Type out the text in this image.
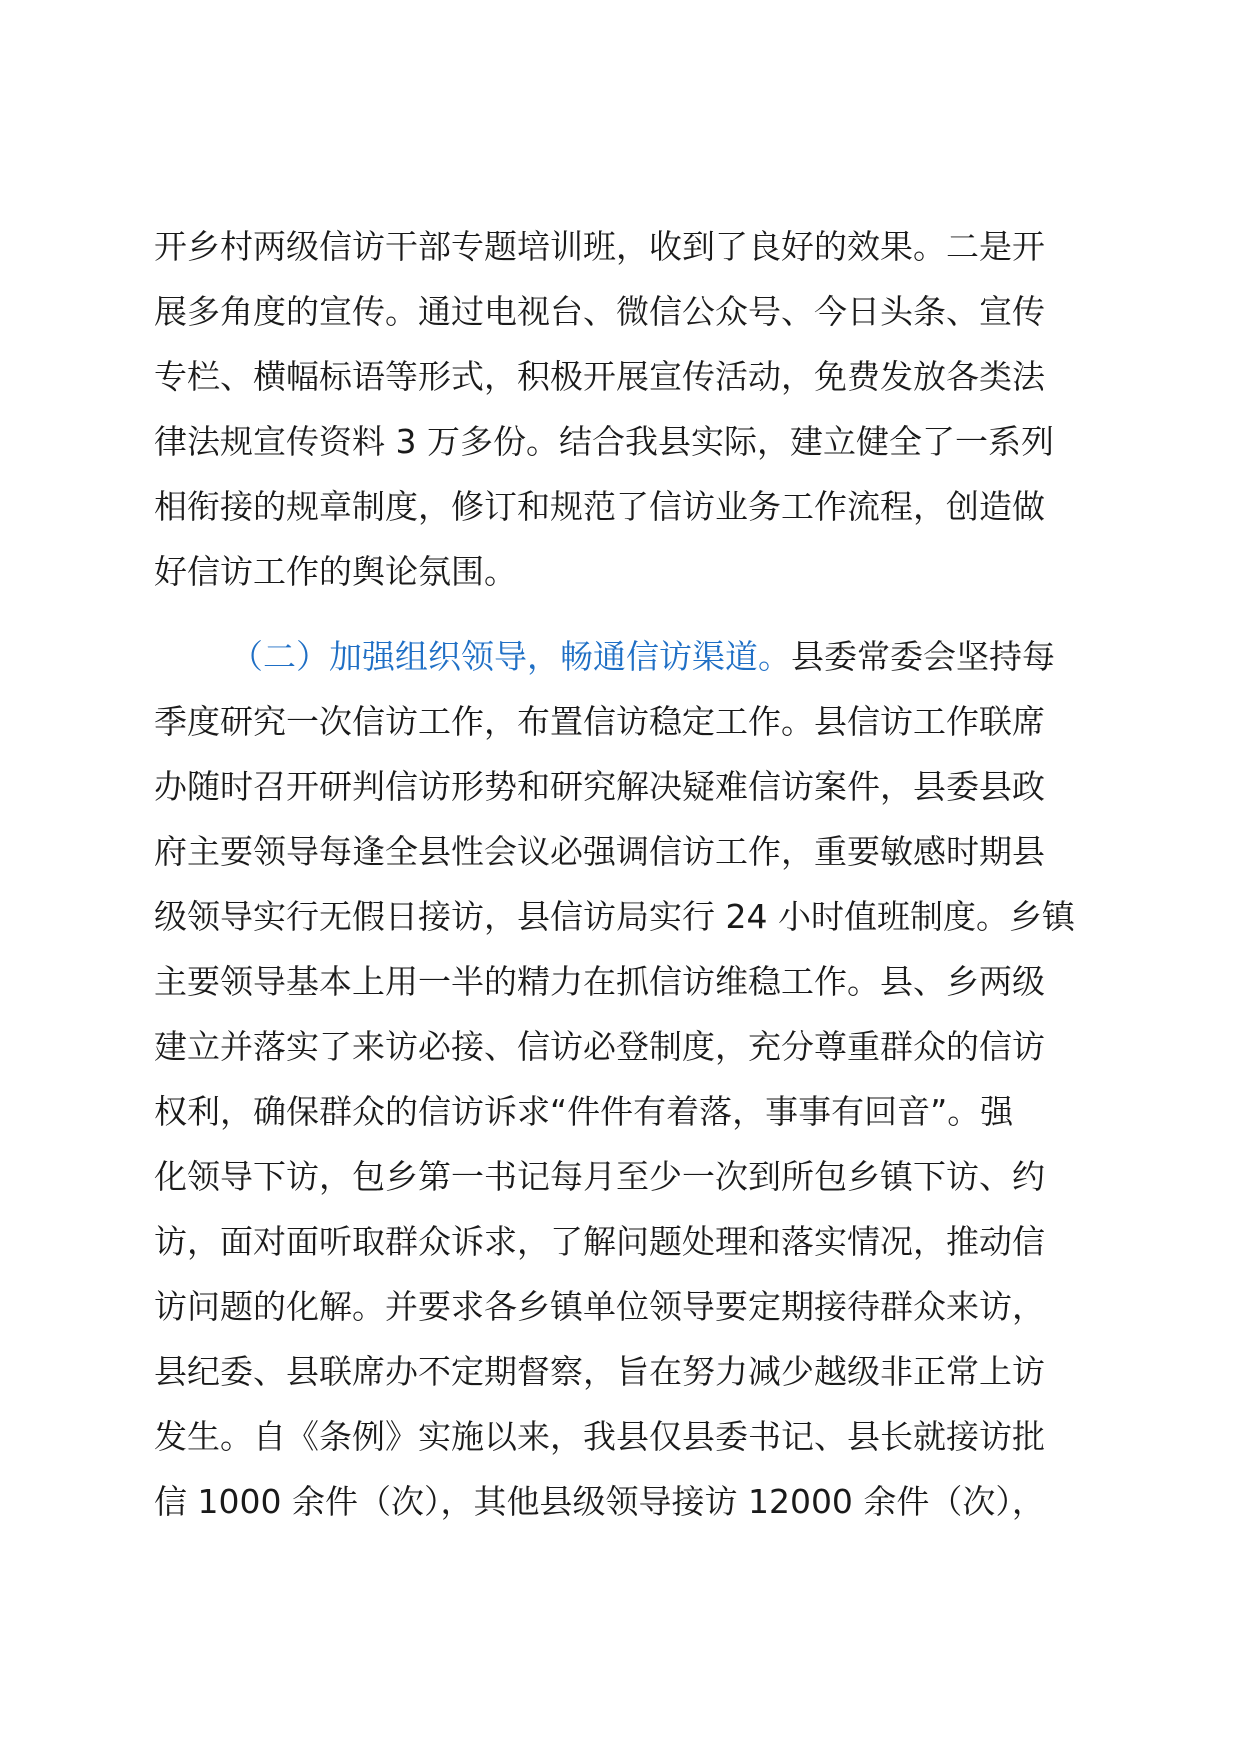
开乡村两级信访干部专题培训班，收到了良好的效果。二是开
展多角度的宣传。通过电视台、微信公众号、今日头条、宣传
专栏、横幅标语等形式，积极开展宣传活动，免费发放各类法
律法规宣传资料 3 万多份。结合我县实际，建立健全了一系列
相衔接的规章制度，修订和规范了信访业务工作流程，创造做
好信访工作的舆论氛围。
（二）加强组织领导，畅通信访渠道。县委常委会坚持每
季度研究一次信访工作，布置信访稳定工作。县信访工作联席
办随时召开研判信访形势和研究解决疑难信访案件，县委县政
府主要领导每逢全县性会议必强调信访工作，重要敏感时期县
级领导实行无假日接访，县信访局实行 24 小时值班制度。乡镇
主要领导基本上用一半的精力在抓信访维稳工作。县、乡两级
建立并落实了来访必接、信访必登制度，充分尊重群众的信访
权利，确保群众的信访诉求“件件有着落，事事有回音”。强
化领导下访，包乡第一书记每月至少一次到所包乡镇下访、约
访，面对面听取群众诉求，了解问题处理和落实情况，推动信
访问题的化解。并要求各乡镇单位领导要定期接待群众来访，
县纪委、县联席办不定期督察，旨在努力减少越级非正常上访
发生。自《条例》实施以来，我县仅县委书记、县长就接访批
信 1000 余件（次），其他县级领导接访 12000 余件（次），
